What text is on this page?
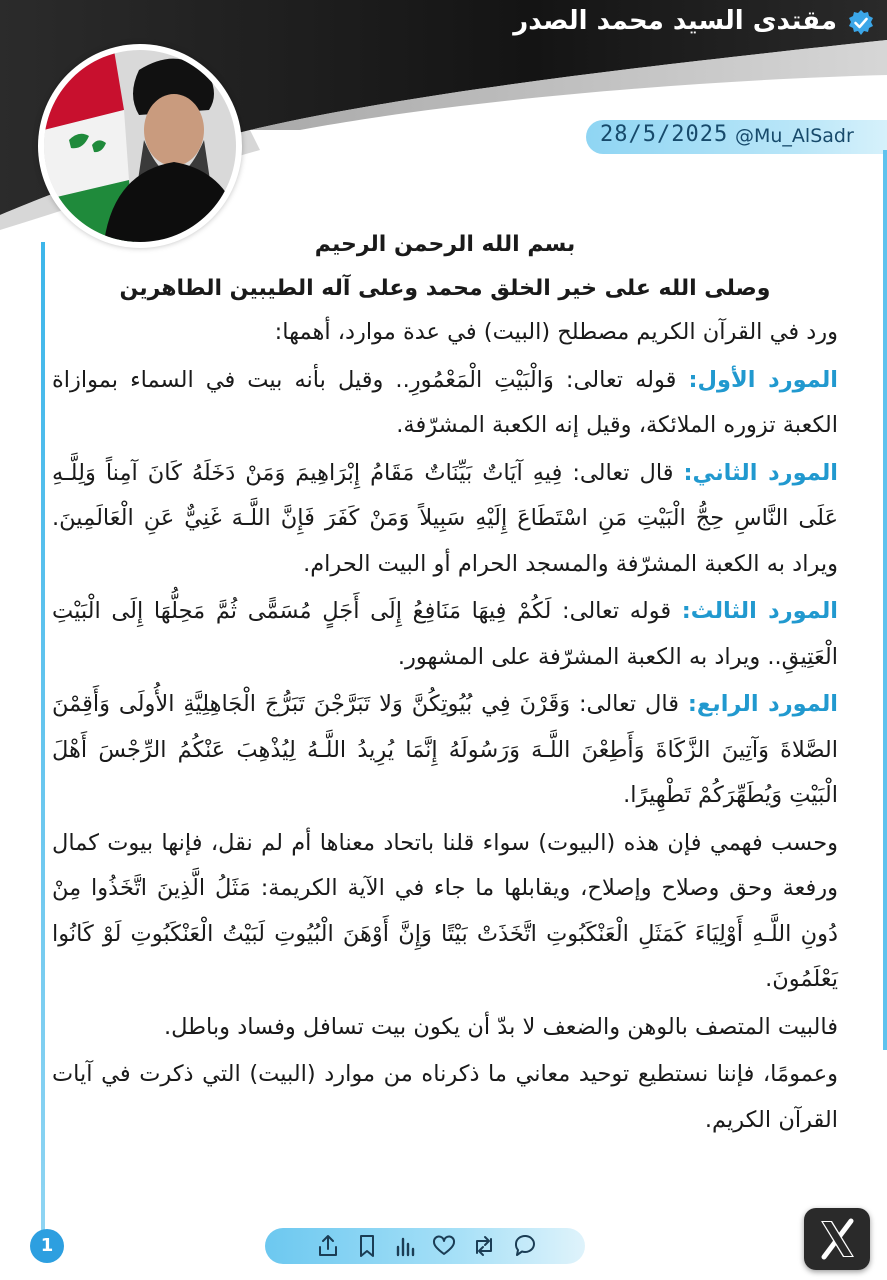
مقتدى السيد محمد الصدر
28/5/2025 @Mu_AlSadr
بسم الله الرحمن الرحيم
وصلى الله على خير الخلق محمد وعلى آله الطيبين الطاهرين

ورد في القرآن الكريم مصطلح (البيت) في عدة موارد، أهمها:

المورد الأول: قوله تعالى: وَالْبَيْتِ الْمَعْمُورِ.. وقيل بأنه بيت في السماء بموازاة الكعبة تزوره الملائكة، وقيل إنه الكعبة المشرّفة.

المورد الثاني: قال تعالى: فِيهِ آيَاتٌ بَيِّنَاتٌ مَقَامُ إِبْرَاهِيمَ وَمَنْ دَخَلَهُ كَانَ آمِناً وَلِلَّـهِ عَلَى النَّاسِ حِجُّ الْبَيْتِ مَنِ اسْتَطَاعَ إِلَيْهِ سَبِيلاً وَمَنْ كَفَرَ فَإِنَّ اللَّـهَ غَنِيٌّ عَنِ الْعَالَمِينَ. ويراد به الكعبة المشرّفة والمسجد الحرام أو البيت الحرام.

المورد الثالث: قوله تعالى: لَكُمْ فِيهَا مَنَافِعُ إِلَى أَجَلٍ مُسَمًّى ثُمَّ مَحِلُّهَا إِلَى الْبَيْتِ الْعَتِيقِ.. ويراد به الكعبة المشرّفة على المشهور.

المورد الرابع: قال تعالى: وَقَرْنَ فِي بُيُوتِكُنَّ وَلا تَبَرَّجْنَ تَبَرُّجَ الْجَاهِلِيَّةِ الأُولَى وَأَقِمْنَ الصَّلاةَ وَآتِينَ الزَّكَاةَ وَأَطِعْنَ اللَّـهَ وَرَسُولَهُ إِنَّمَا يُرِيدُ اللَّـهُ لِيُذْهِبَ عَنْكُمُ الرِّجْسَ أَهْلَ الْبَيْتِ وَيُطَهِّرَكُمْ تَطْهِيرًا.

وحسب فهمي فإن هذه (البيوت) سواء قلنا باتحاد معناها أم لم نقل، فإنها بيوت كمال ورفعة وحق وصلاح وإصلاح، ويقابلها ما جاء في الآية الكريمة: مَثَلُ الَّذِينَ اتَّخَذُوا مِنْ دُونِ اللَّـهِ أَوْلِيَاءَ كَمَثَلِ الْعَنْكَبُوتِ اتَّخَذَتْ بَيْتًا وَإِنَّ أَوْهَنَ الْبُيُوتِ لَبَيْتُ الْعَنْكَبُوتِ لَوْ كَانُوا يَعْلَمُونَ.

فالبيت المتصف بالوهن والضعف لا بدّ أن يكون بيت تسافل وفساد وباطل.

وعمومًا، فإننا نستطيع توحيد معاني ما ذكرناه من موارد (البيت) التي ذكرت في آيات القرآن الكريم.

1
